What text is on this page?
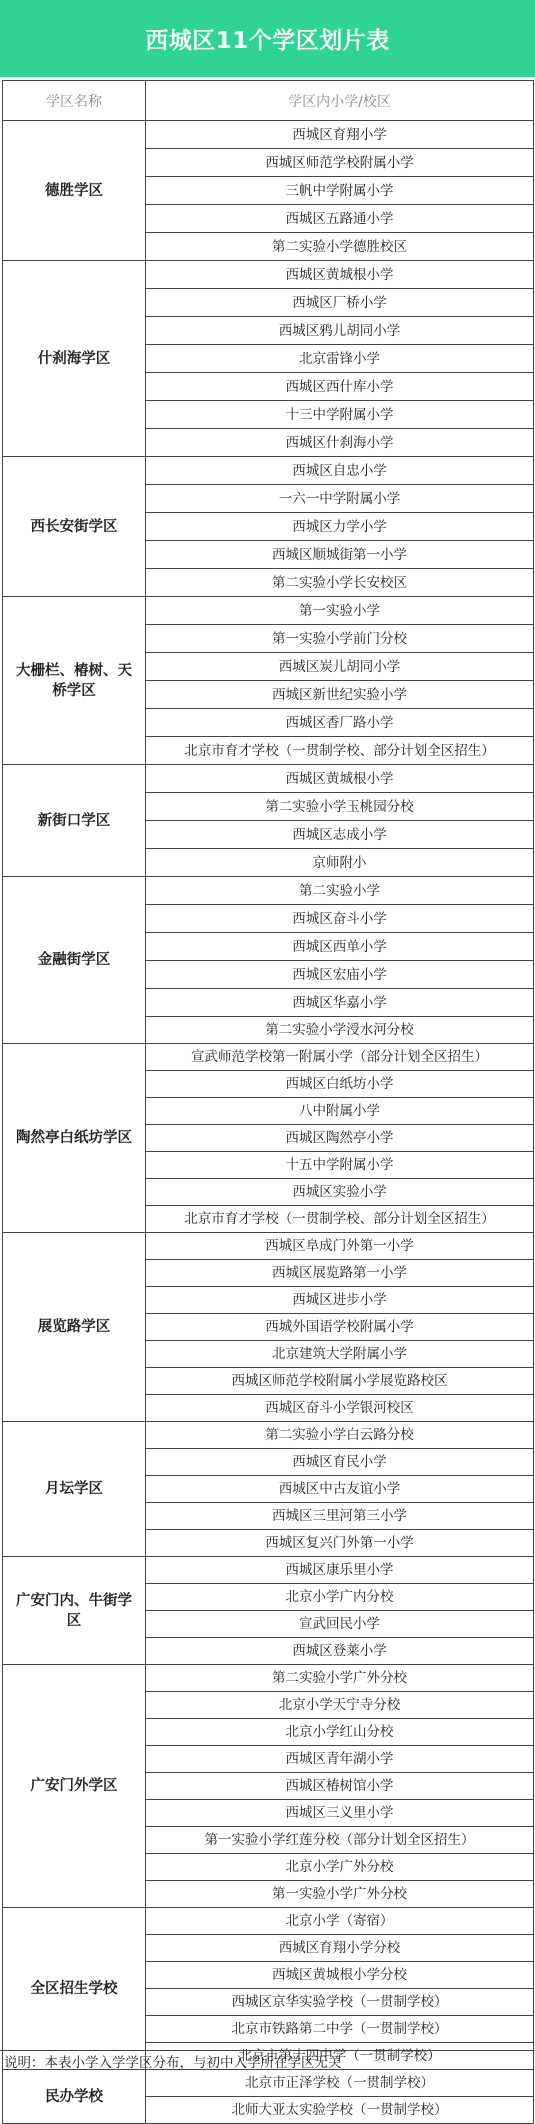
西城区11个学区划片表
学区名称	学区内小学/校区
德胜学区	西城区育翔小学
	西城区师范学校附属小学
	三帆中学附属小学
	西城区五路通小学
	第二实验小学德胜校区
什刹海学区	西城区黄城根小学
	西城区厂桥小学
	西城区鸦儿胡同小学
	北京雷锋小学
	西城区西什库小学
	十三中学附属小学
	西城区什刹海小学
西长安街学区	西城区自忠小学
	一六一中学附属小学
	西城区力学小学
	西城区顺城街第一小学
	第二实验小学长安校区
大栅栏、椿树、天桥学区	第一实验小学
	第一实验小学前门分校
	西城区炭儿胡同小学
	西城区新世纪实验小学
	西城区香厂路小学
	北京市育才学校（一贯制学校、部分计划全区招生）
新街口学区	西城区黄城根小学
	第二实验小学玉桃园分校
	西城区志成小学
	京师附小
金融街学区	第二实验小学
	西城区奋斗小学
	西城区西单小学
	西城区宏庙小学
	西城区华嘉小学
	第二实验小学涭水河分校
陶然亭白纸坊学区	宣武师范学校第一附属小学（部分计划全区招生）
	西城区白纸坊小学
	八中附属小学
	西城区陶然亭小学
	十五中学附属小学
	西城区实验小学
	北京市育才学校（一贯制学校、部分计划全区招生）
展览路学区	西城区阜成门外第一小学
	西城区展览路第一小学
	西城区进步小学
	西城外国语学校附属小学
	北京建筑大学附属小学
	西城区师范学校附属小学展览路校区
	西城区奋斗小学银河校区
月坛学区	第二实验小学白云路分校
	西城区育民小学
	西城区中古友谊小学
	西城区三里河第三小学
	西城区复兴门外第一小学
广安门内、牛街学区	西城区康乐里小学
	北京小学广内分校
	宣武回民小学
	西城区登莱小学
广安门外学区	第二实验小学广外分校
	北京小学天宁寺分校
	北京小学红山分校
	西城区青年湖小学
	西城区椿树馆小学
	西城区三义里小学
	第一实验小学红莲分校（部分计划全区招生）
	北京小学广外分校
	第一实验小学广外分校
全区招生学校	北京小学（寄宿）
	西城区育翔小学分校
	西城区黄城根小学分校
	西城区京华实验学校（一贯制学校）
	北京市铁路第二中学（一贯制学校）
	北京市第十四中学（一贯制学校）
民办学校	北京市正泽学校（一贯制学校）
	北师大亚太实验学校（一贯制学校）
说明：本表小学入学学区分布，与初中入学所在学区无关
